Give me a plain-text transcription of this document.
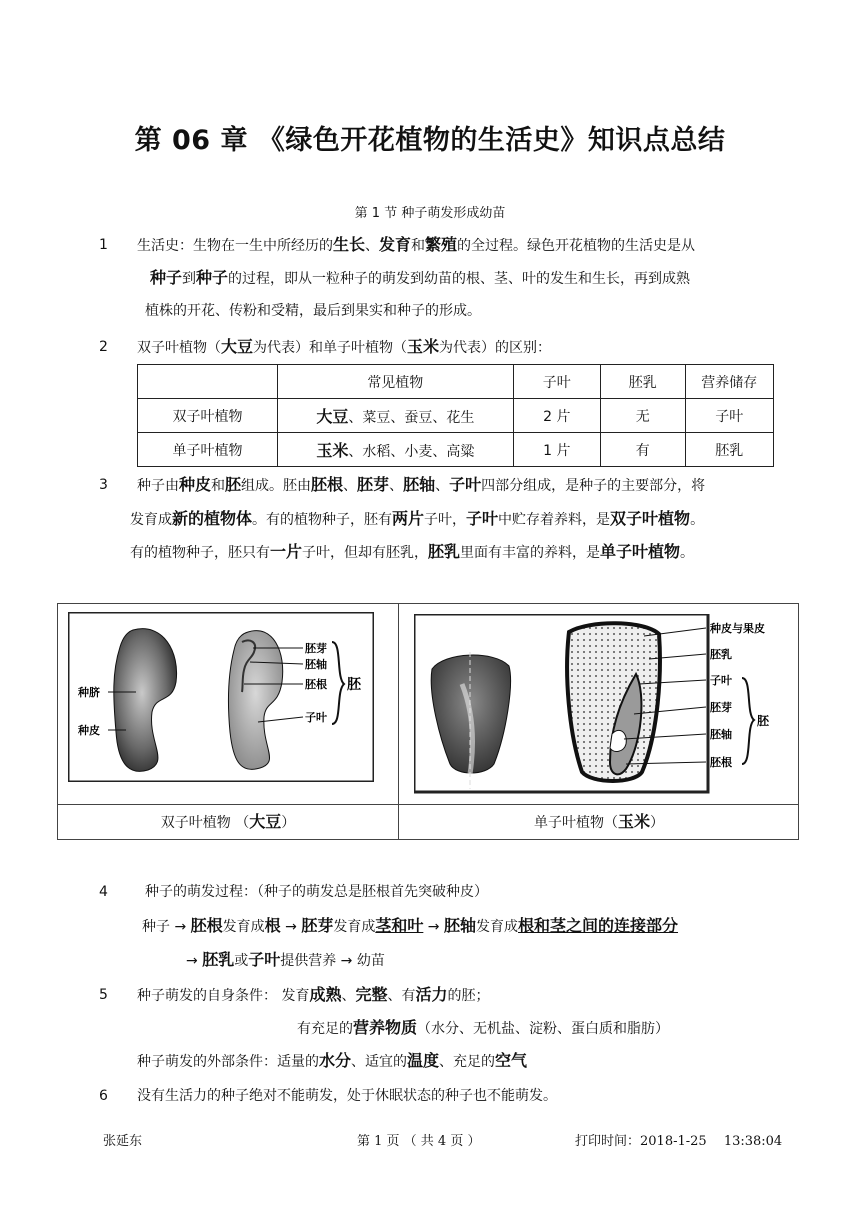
第 06 章 《绿色开花植物的生活史》知识点总结
第 1 节 种子萌发形成幼苗
1 生活史：生物在一生中所经历的生长、发育和繁殖的全过程。绿色开花植物的生活史是从
种子到种子的过程，即从一粒种子的萌发到幼苗的根、茎、叶的发生和生长，再到成熟
植株的开花、传粉和受精，最后到果实和种子的形成。
2 双子叶植物（大豆为代表）和单子叶植物（玉米为代表）的区别：
	常见植物	子叶	胚乳	营养储存
双子叶植物	大豆、菜豆、蚕豆、花生	2 片	无	子叶
单子叶植物	玉米、水稻、小麦、高粱	1 片	有	胚乳
3 种子由种皮和胚组成。胚由胚根、胚芽、胚轴、子叶四部分组成，是种子的主要部分，将
发育成新的植物体。有的植物种子，胚有两片子叶，子叶中贮存着养料，是双子叶植物。
有的植物种子，胚只有一片子叶，但却有胚乳，胚乳里面有丰富的养料，是单子叶植物。
胚芽
胚轴
胚根
子叶
胚
种脐
种皮
种皮与果皮
胚乳
子叶
胚芽
胚轴
胚根
胚
双子叶植物 （大豆）	单子叶植物（玉米）
4	种子的萌发过程：（种子的萌发总是胚根首先突破种皮）
种子 → 胚根发育成根 → 胚芽发育成茎和叶 → 胚轴发育成根和茎之间的连接部分
→ 胚乳或子叶提供营养 → 幼苗
5 种子萌发的自身条件： 发育成熟、完整、有活力的胚；
有充足的营养物质（水分、无机盐、淀粉、蛋白质和脂肪）
种子萌发的外部条件：适量的水分、适宜的温度、充足的空气
6 没有生活力的种子绝对不能萌发，处于休眠状态的种子也不能萌发。
张延东	第 1 页 （ 共 4 页 ）	打印时间：2018-1-25　 13:38:04
